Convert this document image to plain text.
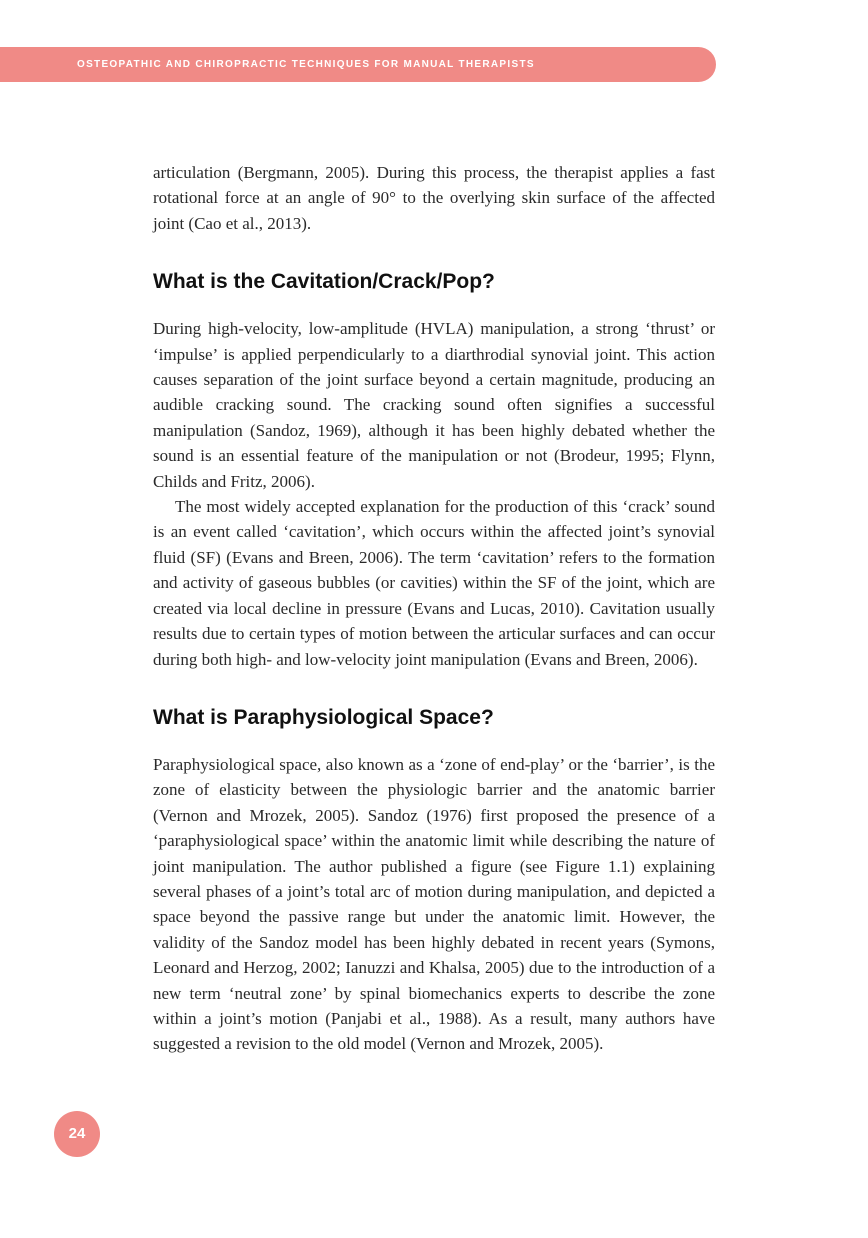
OSTEOPATHIC AND CHIROPRACTIC TECHNIQUES FOR MANUAL THERAPISTS

articulation (Bergmann, 2005). During this process, the therapist applies a fast rotational force at an angle of 90° to the overlying skin surface of the affected joint (Cao et al., 2013).

What is the Cavitation/Crack/Pop?

During high-velocity, low-amplitude (HVLA) manipulation, a strong ‘thrust’ or ‘impulse’ is applied perpendicularly to a diarthrodial synovial joint. This action causes separation of the joint surface beyond a certain magnitude, producing an audible cracking sound. The cracking sound often signifies a successful manipulation (Sandoz, 1969), although it has been highly debated whether the sound is an essential feature of the manipulation or not (Brodeur, 1995; Flynn, Childs and Fritz, 2006).

The most widely accepted explanation for the production of this ‘crack’ sound is an event called ‘cavitation’, which occurs within the affected joint’s synovial fluid (SF) (Evans and Breen, 2006). The term ‘cavitation’ refers to the formation and activity of gaseous bubbles (or cavities) within the SF of the joint, which are created via local decline in pressure (Evans and Lucas, 2010). Cavitation usually results due to certain types of motion between the articular surfaces and can occur during both high- and low-velocity joint manipulation (Evans and Breen, 2006).

What is Paraphysiological Space?

Paraphysiological space, also known as a ‘zone of end-play’ or the ‘barrier’, is the zone of elasticity between the physiologic barrier and the anatomic barrier (Vernon and Mrozek, 2005). Sandoz (1976) first proposed the presence of a ‘paraphysiological space’ within the anatomic limit while describing the nature of joint manipulation. The author published a figure (see Figure 1.1) explaining several phases of a joint’s total arc of motion during manipulation, and depicted a space beyond the passive range but under the anatomic limit. However, the validity of the Sandoz model has been highly debated in recent years (Symons, Leonard and Herzog, 2002; Ianuzzi and Khalsa, 2005) due to the introduction of a new term ‘neutral zone’ by spinal biomechanics experts to describe the zone within a joint’s motion (Panjabi et al., 1988). As a result, many authors have suggested a revision to the old model (Vernon and Mrozek, 2005).

24
